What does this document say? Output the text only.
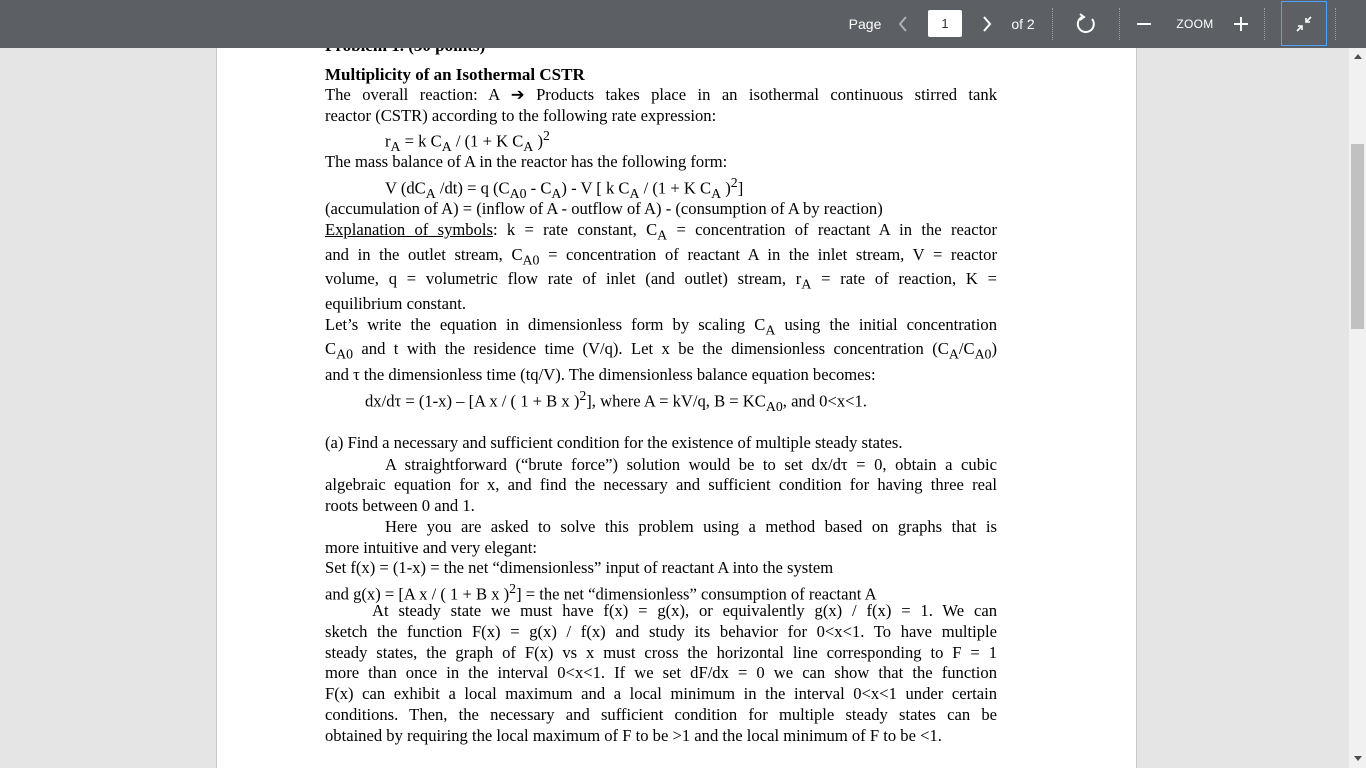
Page
1	of 2	ZOOM
Multiplicity of an Isothermal CSTR
The overall reaction: A ➔ Products takes place in an isothermal continuous stirred tank
reactor (CSTR) according to the following rate expression:
$r_A = k$ $C_A / (1 + K$ $C_A$ )$^2$
The mass balance of A in the reactor has the following form:
V ($dC_A$ /dt) = q $(C_{A0} - C_A)$ - V [ k $C_A / (1 + K$ $C_A$ )$^2$]
(accumulation of A) = (inflow of A - outflow of A) - (consumption of A by reaction)
Explanation of symbols: k = rate constant, $C_A$ = concentration of reactant A in the reactor
and in the outlet stream, $C_{A0}$ = concentration of reactant A in the inlet stream, V = reactor
volume, q = volumetric flow rate of inlet (and outlet) stream, $r_A$ = rate of reaction, K =
equilibrium constant.
Let’s write the equation in dimensionless form by scaling $C_A$ using the initial concentration
$C_{A0}$ and t with the residence time (V/q). Let x be the dimensionless concentration $(C_A/C_{A0})$
and τ the dimensionless time (tq/V). The dimensionless balance equation becomes:
dx/dτ = (1-x) – [A x / ( 1 + B x )$^2$], where A = kV/q, $B = KC_{A0}$, and 0<x<1.
(a) Find a necessary and sufficient condition for the existence of multiple steady states.
A straightforward (“brute force”) solution would be to set dx/dτ = 0, obtain a cubic
algebraic equation for x, and find the necessary and sufficient condition for having three real
roots between 0 and 1.
Here you are asked to solve this problem using a method based on graphs that is
more intuitive and very elegant:
Set f(x) = (1-x) = the net “dimensionless” input of reactant A into the system
and g(x) = [A x / ( 1 + B x )$^2$] = the net “dimensionless” consumption of reactant A
At steady state we must have f(x) = g(x), or equivalently g(x) / f(x) = 1. We can
sketch the function F(x) = g(x) / f(x) and study its behavior for 0<x<1. To have multiple
steady states, the graph of F(x) vs x must cross the horizontal line corresponding to F = 1
more than once in the interval 0<x<1. If we set dF/dx = 0 we can show that the function
F(x) can exhibit a local maximum and a local minimum in the interval 0<x<1 under certain
conditions. Then, the necessary and sufficient condition for multiple steady states can be
obtained by requiring the local maximum of F to be >1 and the local minimum of F to be <1.
